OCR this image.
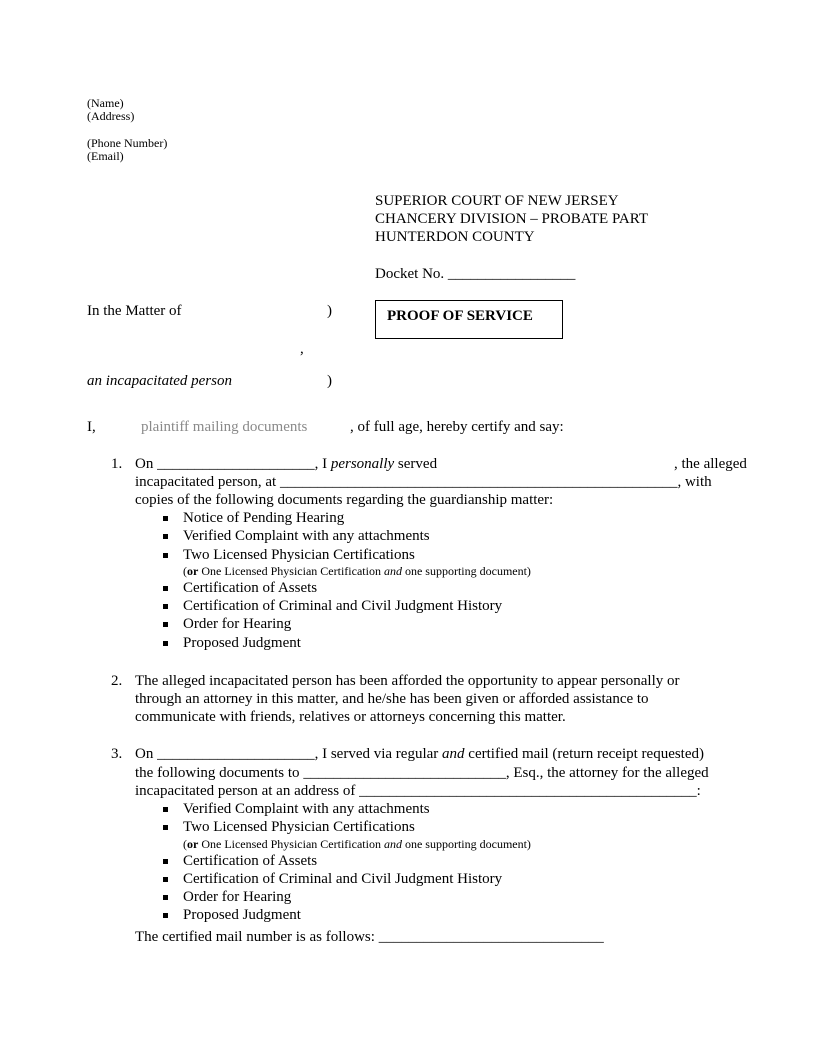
(Name)
(Address)
(Phone Number)
(Email)
SUPERIOR COURT OF NEW JERSEY
CHANCERY DIVISION – PROBATE PART
HUNTERDON COUNTY
Docket No. _________________
In the Matter of	)	PROOF OF SERVICE
,
an incapacitated person	)
I,	plaintiff mailing documents	, of full age, hereby certify and say:
1. On _____________________, I personally served	, the alleged
incapacitated person, at _____________________________________________________, with
copies of the following documents regarding the guardianship matter:
Notice of Pending Hearing
Verified Complaint with any attachments
Two Licensed Physician Certifications
(or One Licensed Physician Certification and one supporting document)
Certification of Assets
Certification of Criminal and Civil Judgment History
Order for Hearing
Proposed Judgment
2. The alleged incapacitated person has been afforded the opportunity to appear personally or
through an attorney in this matter, and he/she has been given or afforded assistance to
communicate with friends, relatives or attorneys concerning this matter.
3. On _____________________, I served via regular and certified mail (return receipt requested)
the following documents to ___________________________, Esq., the attorney for the alleged
incapacitated person at an address of _____________________________________________:
Verified Complaint with any attachments
Two Licensed Physician Certifications
(or One Licensed Physician Certification and one supporting document)
Certification of Assets
Certification of Criminal and Civil Judgment History
Order for Hearing
Proposed Judgment
The certified mail number is as follows: ______________________________
